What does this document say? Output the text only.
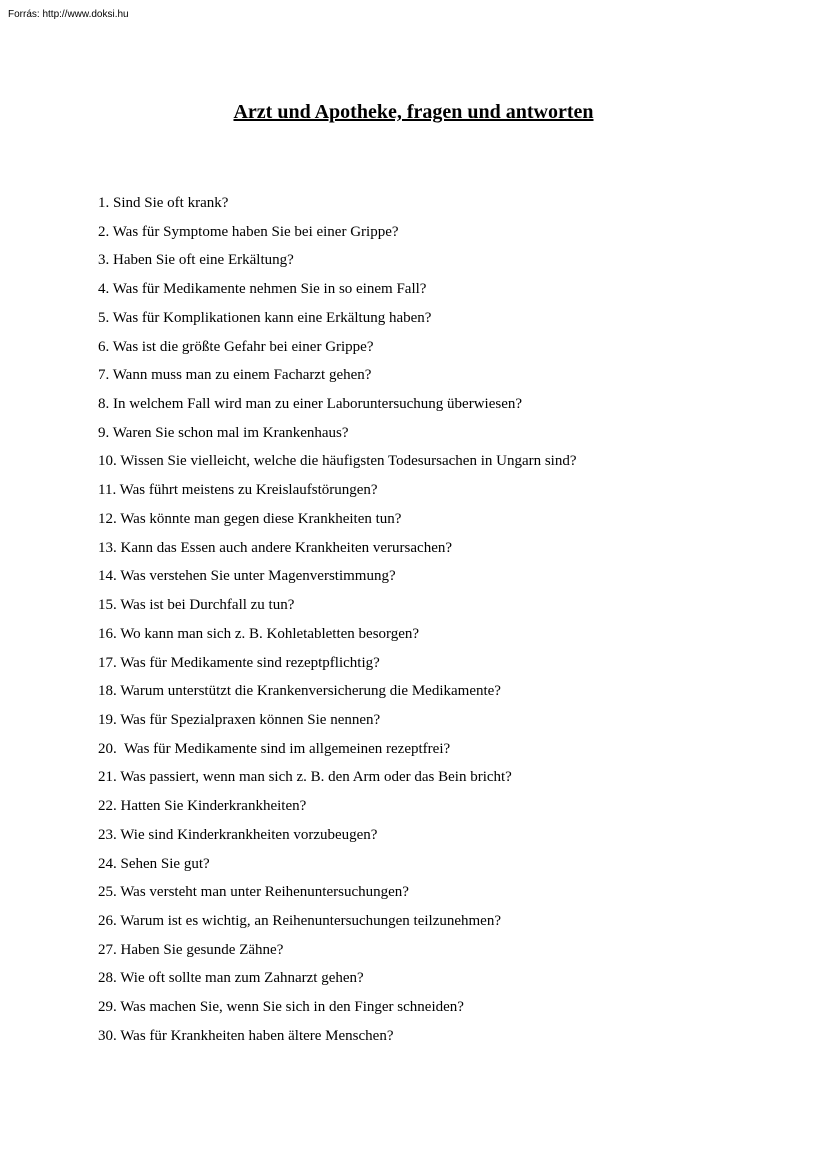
Forrás: http://www.doksi.hu
Arzt und Apotheke, fragen und antworten
1. Sind Sie oft krank?
2. Was für Symptome haben Sie bei einer Grippe?
3. Haben Sie oft eine Erkältung?
4. Was für Medikamente nehmen Sie in so einem Fall?
5. Was für Komplikationen kann eine Erkältung haben?
6. Was ist die größte Gefahr bei einer Grippe?
7. Wann muss man zu einem Facharzt gehen?
8. In welchem Fall wird man zu einer Laboruntersuchung überwiesen?
9. Waren Sie schon mal im Krankenhaus?
10. Wissen Sie vielleicht, welche die häufigsten Todesursachen in Ungarn sind?
11. Was führt meistens zu Kreislaufstörungen?
12. Was könnte man gegen diese Krankheiten tun?
13. Kann das Essen auch andere Krankheiten verursachen?
14. Was verstehen Sie unter Magenverstimmung?
15. Was ist bei Durchfall zu tun?
16. Wo kann man sich z. B. Kohletabletten besorgen?
17. Was für Medikamente sind rezeptpflichtig?
18. Warum unterstützt die Krankenversicherung die Medikamente?
19. Was für Spezialpraxen können Sie nennen?
20.  Was für Medikamente sind im allgemeinen rezeptfrei?
21. Was passiert, wenn man sich z. B. den Arm oder das Bein bricht?
22. Hatten Sie Kinderkrankheiten?
23. Wie sind Kinderkrankheiten vorzubeugen?
24. Sehen Sie gut?
25. Was versteht man unter Reihenuntersuchungen?
26. Warum ist es wichtig, an Reihenuntersuchungen teilzunehmen?
27. Haben Sie gesunde Zähne?
28. Wie oft sollte man zum Zahnarzt gehen?
29. Was machen Sie, wenn Sie sich in den Finger schneiden?
30. Was für Krankheiten haben ältere Menschen?
